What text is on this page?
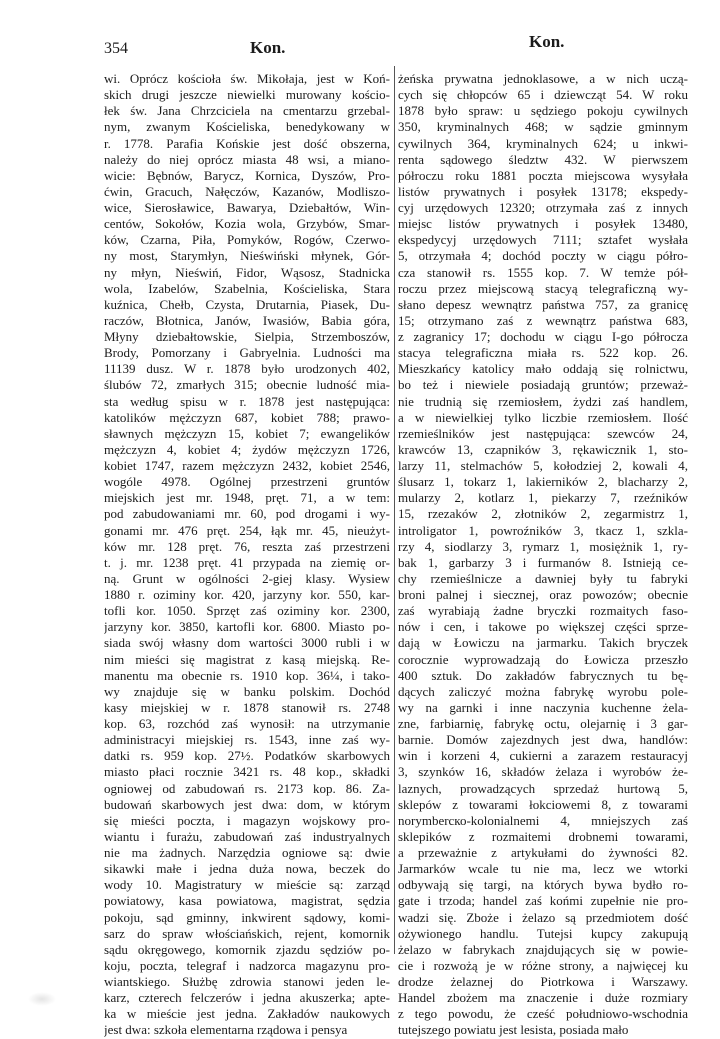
354	Kon.	Kon.
wi. Oprócz kościoła św. Mikołaja, jest w Koń-
skich drugi jeszcze niewielki murowany kościo-
łek św. Jana Chrzciciela na cmentarzu grzebal-
nym, zwanym Kościeliska, benedykowany w
r. 1778. Parafia Końskie jest dość obszerna,
należy do niej oprócz miasta 48 wsi, a miano-
wicie: Bębnów, Barycz, Kornica, Dyszów, Pro-
ćwin, Gracuch, Nałęczów, Kazanów, Modliszo-
wice, Sierosławice, Bawarya, Dziebałtów, Win-
centów, Sokołów, Kozia wola, Grzybów, Smar-
ków, Czarna, Piła, Pomyków, Rogów, Czerwo-
ny most, Starymłyn, Nieświński młynek, Gór-
ny młyn, Nieświń, Fidor, Wąsosz, Stadnicka
wola, Izabelów, Szabelnia, Kościeliska, Stara
kuźnica, Chełb, Czysta, Drutarnia, Piasek, Du-
raczów, Błotnica, Janów, Iwasiów, Babia góra,
Młyny dziebałtowskie, Sielpia, Strzemboszów,
Brody, Pomorzany i Gabryelnia. Ludności ma
11139 dusz. W r. 1878 było urodzonych 402,
ślubów 72, zmarłych 315; obecnie ludność mia-
sta według spisu w r. 1878 jest następująca:
katolików mężczyzn 687, kobiet 788; prawo-
sławnych mężczyzn 15, kobiet 7; ewangelików
mężczyzn 4, kobiet 4; żydów mężczyzn 1726,
kobiet 1747, razem mężczyzn 2432, kobiet 2546,
wogóle 4978. Ogólnej przestrzeni gruntów
miejskich jest mr. 1948, pręt. 71, a w tem:
pod zabudowaniami mr. 60, pod drogami i wy-
gonami mr. 476 pręt. 254, łąk mr. 45, nieużyt-
ków mr. 128 pręt. 76, reszta zaś przestrzeni
t. j. mr. 1238 pręt. 41 przypada na ziemię or-
ną. Grunt w ogólności 2-giej klasy. Wysiew
1880 r. oziminy kor. 420, jarzyny kor. 550, kar-
tofli kor. 1050. Sprzęt zaś oziminy kor. 2300,
jarzyny kor. 3850, kartofli kor. 6800. Miasto po-
siada swój własny dom wartości 3000 rubli i w
nim mieści się magistrat z kasą miejską. Re-
manentu ma obecnie rs. 1910 kop. 36¼, i tako-
wy znajduje się w banku polskim. Dochód
kasy miejskiej w r. 1878 stanowił rs. 2748
kop. 63, rozchód zaś wynosił: na utrzymanie
administracyi miejskiej rs. 1543, inne zaś wy-
datki rs. 959 kop. 27½. Podatków skarbowych
miasto płaci rocznie 3421 rs. 48 kop., składki
ogniowej od zabudowań rs. 2173 kop. 86. Za-
budowań skarbowych jest dwa: dom, w którym
się mieści poczta, i magazyn wojskowy pro-
wiantu i furażu, zabudowań zaś industryalnych
nie ma żadnych. Narzędzia ogniowe są: dwie
sikawki małe i jedna duża nowa, beczek do
wody 10. Magistratury w mieście są: zarząd
powiatowy, kasa powiatowa, magistrat, sędzia
pokoju, sąd gminny, inkwirent sądowy, komi-
sarz do spraw włościańskich, rejent, komornik
sądu okręgowego, komornik zjazdu sędziów po-
koju, poczta, telegraf i nadzorca magazynu pro-
wiantskiego. Służbę zdrowia stanowi jeden le-
karz, czterech felczerów i jedna akuszerka; apte-
ka w mieście jest jedna. Zakładów naukowych
jest dwa: szkoła elementarna rządowa i pensya
żeńska prywatna jednoklasowe, a w nich uczą-
cych się chłopców 65 i dziewcząt 54. W roku
1878 było spraw: u sędziego pokoju cywilnych
350, kryminalnych 468; w sądzie gminnym
cywilnych 364, kryminalnych 624; u inkwi-
renta sądowego śledztw 432. W pierwszem
półroczu roku 1881 poczta miejscowa wysyłała
listów prywatnych i posyłek 13178; ekspedy-
cyj urzędowych 12320; otrzymała zaś z innych
miejsc listów prywatnych i posyłek 13480,
ekspedycyj urzędowych 7111; sztafet wysłała
5, otrzymała 4; dochód poczty w ciągu półro-
cza stanowił rs. 1555 kop. 7. W temże pół-
roczu przez miejscową stacyą telegraficzną wy-
słano depesz wewnątrz państwa 757, za granicę
15; otrzymano zaś z wewnątrz państwa 683,
z zagranicy 17; dochodu w ciągu I-go półrocza
stacya telegraficzna miała rs. 522 kop. 26.
Mieszkańcy katolicy mało oddają się rolnictwu,
bo też i niewiele posiadają gruntów; przeważ-
nie trudnią się rzemiosłem, żydzi zaś handlem,
a w niewielkiej tylko liczbie rzemiosłem. Ilość
rzemieślników jest następująca: szewców 24,
krawców 13, czapników 3, rękawicznik 1, sto-
larzy 11, stelmachów 5, kołodziej 2, kowali 4,
ślusarz 1, tokarz 1, lakierników 2, blacharzy 2,
mularzy 2, kotlarz 1, piekarzy 7, rzeźników
15, rzezaków 2, złotników 2, zegarmistrz 1,
introligator 1, powroźników 3, tkacz 1, szkla-
rzy 4, siodlarzy 3, rymarz 1, mosiężnik 1, ry-
bak 1, garbarzy 3 i furmanów 8. Istnieją ce-
chy rzemieślnicze a dawniej były tu fabryki
broni palnej i siecznej, oraz powozów; obecnie
zaś wyrabiają żadne bryczki rozmaitych faso-
nów i cen, i takowe po większej części sprze-
dają w Łowiczu na jarmarku. Takich bryczek
corocznie wyprowadzają do Łowicza przeszło
400 sztuk. Do zakładów fabrycznych tu bę-
dących zaliczyć można fabrykę wyrobu pole-
wy na garnki i inne naczynia kuchenne żela-
zne, farbiarnię, fabrykę octu, olejarnię i 3 gar-
barnie. Domów zajezdnych jest dwa, handlów:
win i korzeni 4, cukierni a zarazem restauracyj
3, szynków 16, składów żelaza i wyrobów że-
laznych, prowadzących sprzedaż hurtową 5,
sklepów z towarami łokciowemi 8, z towarami
norymberско-kolonialnemi 4, mniejszych zaś
sklepików z rozmaitemi drobnemi towarami,
a przeważnie z artykułami do żywności 82.
Jarmarków wcale tu nie ma, lecz we wtorki
odbywają się targi, na których bywa bydło ro-
gate i trzoda; handel zaś końmi zupełnie nie pro-
wadzi się. Zboże i żelazo są przedmiotem dość
ożywionego handlu. Tutejsi kupcy zakupują
żelazo w fabrykach znajdujących się w powie-
cie i rozwożą je w różne strony, a najwięcej ku
drodze żelaznej do Piotrkowa i Warszawy.
Handel zbożem ma znaczenie i duże rozmiary
z tego powodu, że cześć południowo-wschodnia
tutejszego powiatu jest lesista, posiada mało
